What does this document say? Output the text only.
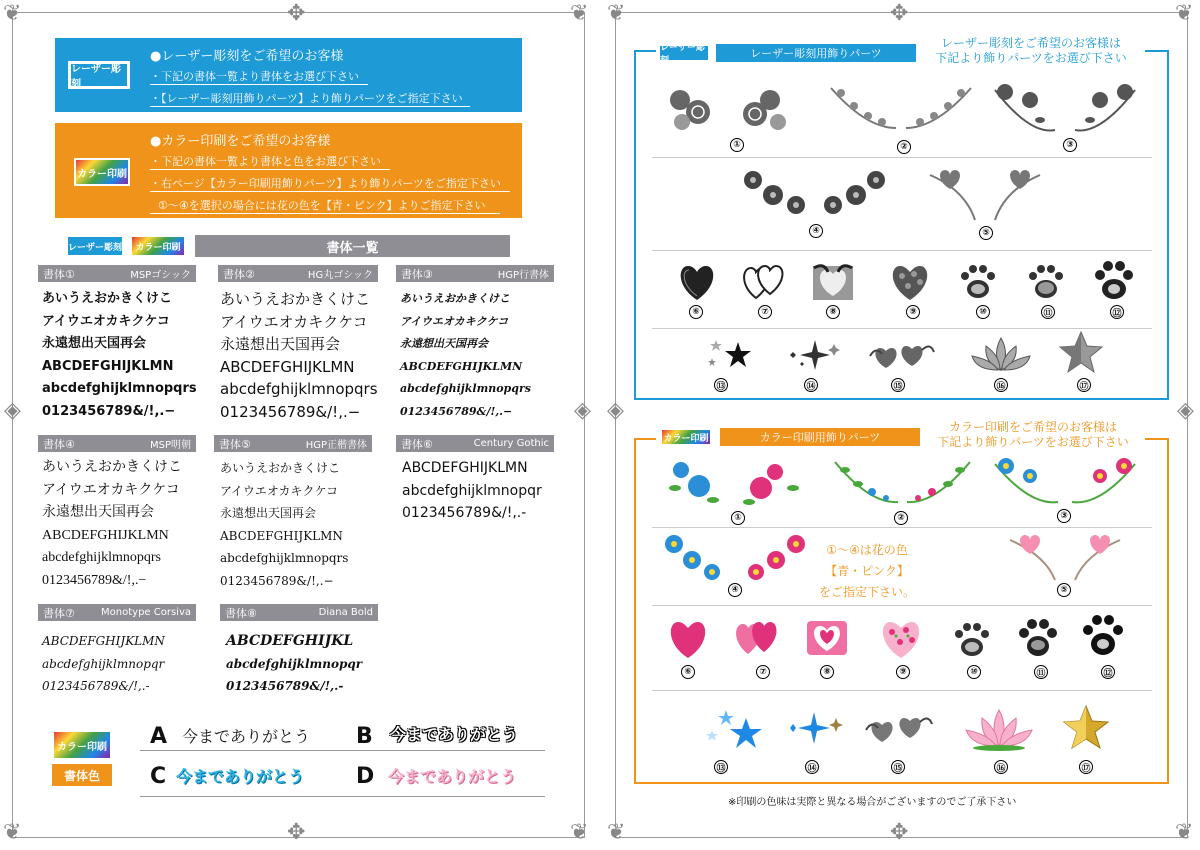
❦	❦
❦	❦
❦	❦
❦	❦
✥
✥
✥
✥
◈	◈ ◈	◈
レーザー彫刻
●レーザー彫刻をご希望のお客様
・下記の書体一覧より書体をお選び下さい
・【レーザー彫刻用飾りパーツ】より飾りパーツをご指定下さい
カラー印刷
●カラー印刷をご希望のお客様
・下記の書体一覧より書体と色をお選び下さい
・右ページ【カラー印刷用飾りパーツ】より飾りパーツをご指定下さい
①〜④を選択の場合には花の色を【青・ピンク】よりご指定下さい
レーザー彫刻	カラー印刷	書体一覧
書体①	MSPゴシック
あいうえおかきくけこ
アイウエオカキクケコ
永遠想出天国再会
ABCDEFGHIJKLMN
abcdefghijklmnopqrs
0123456789&/!,.−
書体②	HG丸ゴシック
あいうえおかきくけこ
アイウエオカキクケコ
永遠想出天国再会
ABCDEFGHIJKLMN
abcdefghijklmnopqrs
0123456789&/!,.−
書体③	HGP行書体
あいうえおかきくけこ
アイウエオカキクケコ
永遠想出天国再会
ABCDEFGHIJKLMN
abcdefghijklmnopqrs
0123456789&/!,.−
書体④	MSP明朝
あいうえおかきくけこ
アイウエオカキクケコ
永遠想出天国再会
ABCDEFGHIJKLMN
abcdefghijklmnopqrs
0123456789&/!,.−
書体⑤	HGP正楷書体
あいうえおかきくけこ
アイウエオカキクケコ
永遠想出天国再会
ABCDEFGHIJKLMN
abcdefghijklmnopqrs
0123456789&/!,.−
書体⑥	Century Gothic
ABCDEFGHIJKLMN
abcdefghijklmnopqr
0123456789&/!,.-
書体⑦	Monotype Corsiva
ABCDEFGHIJKLMN
abcdefghijklmnopqr
0123456789&/!,.-
書体⑧	Diana Bold
ABCDEFGHIJKL
abcdefghijklmnopqr
0123456789&/!,.-
カラー印刷
書体色
A 今までありがとう B 今までありがとう
C 今までありがとう D 今までありがとう
レーザー彫刻
レーザー彫刻用飾りパーツ
レーザー彫刻をご希望のお客様は
下記より飾りパーツをお選び下さい
①	②	③
④	⑤
⑥	⑦	⑧	⑨	⑩	⑪	⑫
⑬	⑭	⑮	⑯	⑰
カラー印刷	カラー印刷用飾りパーツ
カラー印刷をご希望のお客様は
下記より飾りパーツをお選び下さい
①	②	③
④
①〜④は花の色
【青・ピンク】
をご指定下さい。	⑤
⑥	⑦	⑧	⑨	⑩	⑪	⑫
⑬	⑭	⑮	⑯	⑰
※印刷の色味は実際と異なる場合がございますのでご了承下さい
